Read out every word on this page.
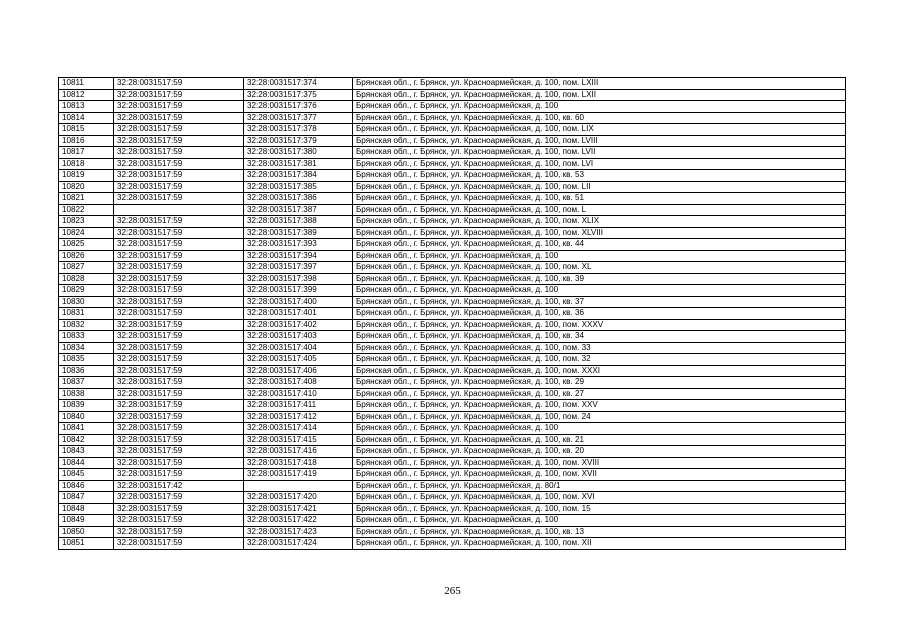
10811	32:28:0031517:59	32:28:0031517:374	Брянская обл., г. Брянск, ул. Красноармейская, д. 100, пом. LXIII
10812	32:28:0031517:59	32:28:0031517:375	Брянская обл., г. Брянск, ул. Красноармейская, д. 100, пом. LXII
10813	32:28:0031517:59	32:28:0031517:376	Брянская обл., г. Брянск, ул. Красноармейская, д. 100
10814	32:28:0031517:59	32:28:0031517:377	Брянская обл., г. Брянск, ул. Красноармейская, д. 100, кв. 60
10815	32:28:0031517:59	32:28:0031517:378	Брянская обл., г. Брянск, ул. Красноармейская, д. 100, пом. LIX
10816	32:28:0031517:59	32:28:0031517:379	Брянская обл., г. Брянск, ул. Красноармейская, д. 100, пом. LVIII
10817	32:28:0031517:59	32:28:0031517:380	Брянская обл., г. Брянск, ул. Красноармейская, д. 100, пом. LVII
10818	32:28:0031517:59	32:28:0031517:381	Брянская обл., г. Брянск, ул. Красноармейская, д. 100, пом. LVI
10819	32:28:0031517:59	32:28:0031517:384	Брянская обл., г. Брянск, ул. Красноармейская, д. 100, кв. 53
10820	32:28:0031517:59	32:28:0031517:385	Брянская обл., г. Брянск, ул. Красноармейская, д. 100, пом. LII
10821	32:28:0031517:59	32:28:0031517:386	Брянская обл., г. Брянск, ул. Красноармейская, д. 100, кв. 51
10822		32:28:0031517:387	Брянская обл., г. Брянск, ул. Красноармейская, д. 100, пом. L
10823	32:28:0031517:59	32:28:0031517:388	Брянская обл., г. Брянск, ул. Красноармейская, д. 100, пом. XLIX
10824	32:28:0031517:59	32:28:0031517:389	Брянская обл., г. Брянск, ул. Красноармейская, д. 100, пом. XLVIII
10825	32:28:0031517:59	32:28:0031517:393	Брянская обл., г. Брянск, ул. Красноармейская, д. 100, кв. 44
10826	32:28:0031517:59	32:28:0031517:394	Брянская обл., г. Брянск, ул. Красноармейская, д. 100
10827	32:28:0031517:59	32:28:0031517:397	Брянская обл., г. Брянск, ул. Красноармейская, д. 100, пом. XL
10828	32:28:0031517:59	32:28:0031517:398	Брянская обл., г. Брянск, ул. Красноармейская, д. 100, кв. 39
10829	32:28:0031517:59	32:28:0031517:399	Брянская обл., г. Брянск, ул. Красноармейская, д. 100
10830	32:28:0031517:59	32:28:0031517:400	Брянская обл., г. Брянск, ул. Красноармейская, д. 100, кв. 37
10831	32:28:0031517:59	32:28:0031517:401	Брянская обл., г. Брянск, ул. Красноармейская, д. 100, кв. 36
10832	32:28:0031517:59	32:28:0031517:402	Брянская обл., г. Брянск, ул. Красноармейская, д. 100, пом. XXXV
10833	32:28:0031517:59	32:28:0031517:403	Брянская обл., г. Брянск, ул. Красноармейская, д. 100, кв. 34
10834	32:28:0031517:59	32:28:0031517:404	Брянская обл., г. Брянск, ул. Красноармейская, д. 100, пом. 33
10835	32:28:0031517:59	32:28:0031517:405	Брянская обл., г. Брянск, ул. Красноармейская, д. 100, пом. 32
10836	32:28:0031517:59	32:28:0031517:406	Брянская обл., г. Брянск, ул. Красноармейская, д. 100, пом. XXXI
10837	32:28:0031517:59	32:28:0031517:408	Брянская обл., г. Брянск, ул. Красноармейская, д. 100, кв. 29
10838	32:28:0031517:59	32:28:0031517:410	Брянская обл., г. Брянск, ул. Красноармейская, д. 100, кв. 27
10839	32:28:0031517:59	32:28:0031517:411	Брянская обл., г. Брянск, ул. Красноармейская, д. 100, пом. XXV
10840	32:28:0031517:59	32:28:0031517:412	Брянская обл., г. Брянск, ул. Красноармейская, д. 100, пом. 24
10841	32:28:0031517:59	32:28:0031517:414	Брянская обл., г. Брянск, ул. Красноармейская, д. 100
10842	32:28:0031517:59	32:28:0031517:415	Брянская обл., г. Брянск, ул. Красноармейская, д. 100, кв. 21
10843	32:28:0031517:59	32:28:0031517:416	Брянская обл., г. Брянск, ул. Красноармейская, д. 100, кв. 20
10844	32:28:0031517:59	32:28:0031517:418	Брянская обл., г. Брянск, ул. Красноармейская, д. 100, пом. XVIII
10845	32:28:0031517:59	32:28:0031517:419	Брянская обл., г. Брянск, ул. Красноармейская, д. 100, пом. XVII
10846	32:28:0031517:42		Брянская обл., г. Брянск, ул. Красноармейская, д. 80/1
10847	32:28:0031517:59	32:28:0031517:420	Брянская обл., г. Брянск, ул. Красноармейская, д. 100, пом. XVI
10848	32:28:0031517:59	32:28:0031517:421	Брянская обл., г. Брянск, ул. Красноармейская, д. 100, пом. 15
10849	32:28:0031517:59	32:28:0031517:422	Брянская обл., г. Брянск, ул. Красноармейская, д. 100
10850	32:28:0031517:59	32:28:0031517:423	Брянская обл., г. Брянск, ул. Красноармейская, д. 100, кв. 13
10851	32:28:0031517:59	32:28:0031517:424	Брянская обл., г. Брянск, ул. Красноармейская, д. 100, пом. XII
265
